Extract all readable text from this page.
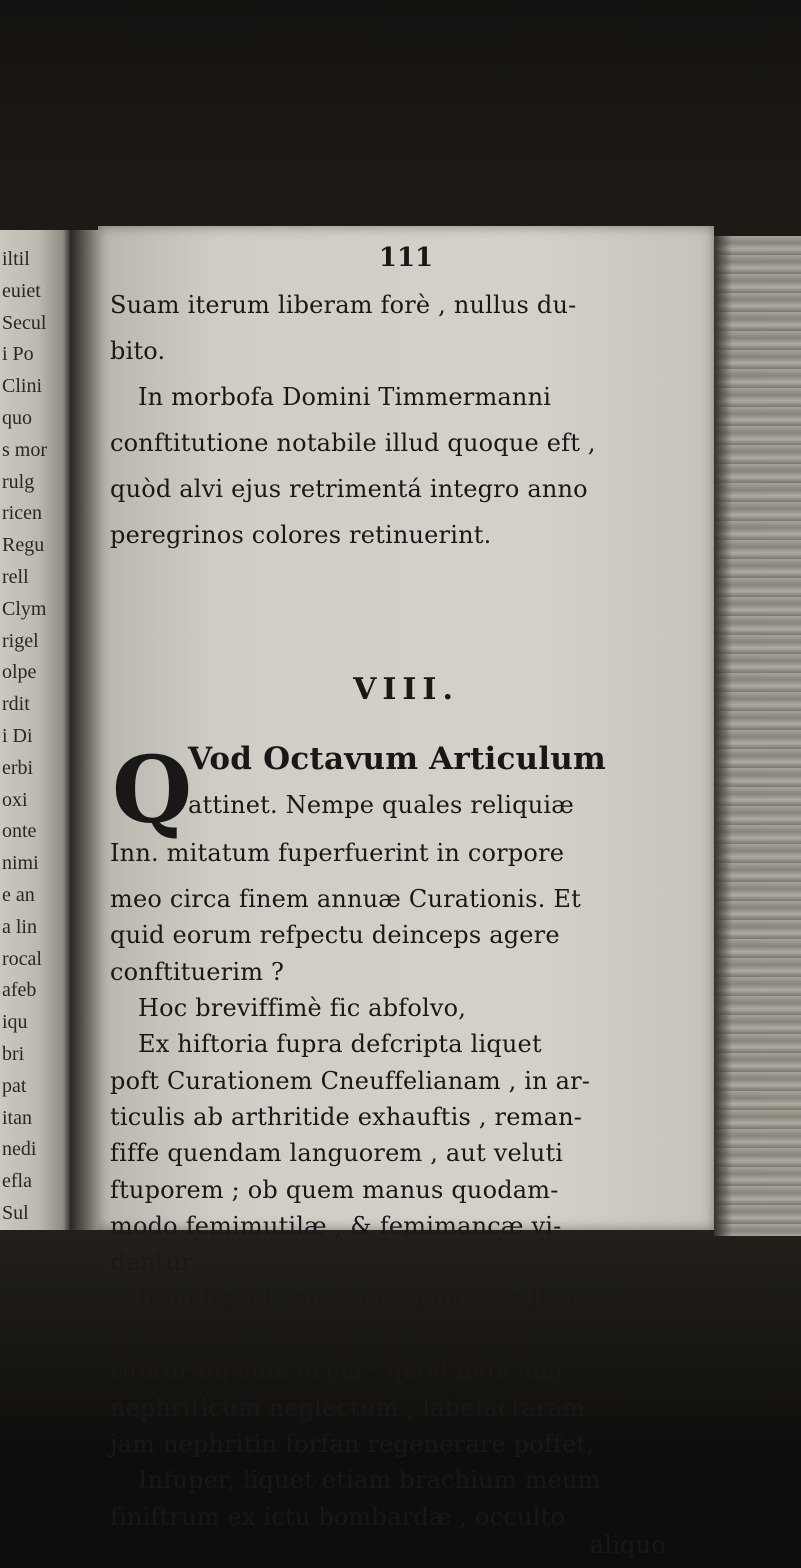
iltil
euiet
Secul
i Po
Clini
quo
s mor
rulg
ricen
Regu
rell
Clym
rigel
olpe
rdit
i Di
erbi
oxi
onte
nimi
e an
a lin
rocal
afeb
iqu
bri
pat
itan
nedi
efla
Sul
111
Suam iterum liberam forè , nullus du-
bito.
In morbofa Domini Timmermanni
conftitutione notabile illud quoque eft ,
quòd alvi ejus retrimentá integro anno
peregrinos colores retinuerint.
VIII.
Q
Vod Octavum Articulum
attinet. Nempe quales reliquiæ
Inn. mitatum fuperfuerint in corpore
meo circa finem annuæ Curationis. Et
quid eorum refpectu deinceps agere
conftituerim ?
Hoc breviffimè fic abfolvo,
Ex hiftoria fupra defcripta liquet
poft Curationem Cneuffelianam , in ar-
ticulis ab arthritide exhauftis , reman-
fiffe quendam languorem , aut veluti
ftuporem ; ob quem manus quodam-
modo femimutilæ , & femimancæ vi-
dentur.
Item liquet remanere quoque adhuc
continuam excretionem arenularum
rubrarum cum urina ; quod indicium
nephriticum neglectum , labefactaram
jam nephritin forfan regenerare poffet,
Infuper, liquet etiam brachium meum
finiftrum ex ictu bombardæ , occulto
aliquo
